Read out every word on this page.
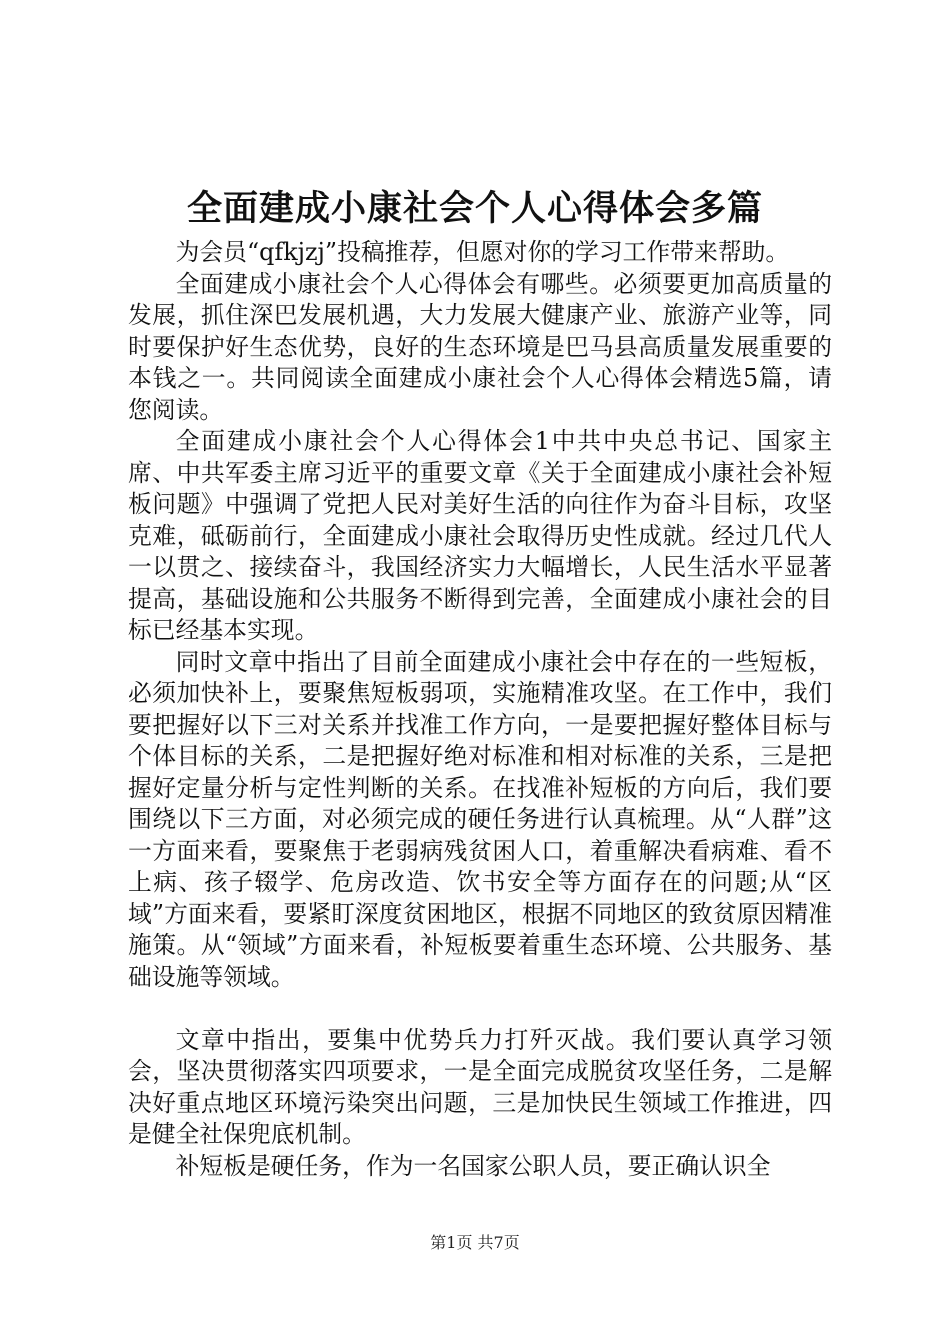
全面建成小康社会个人心得体会多篇

为会员“qfkjzj”投稿推荐，但愿对你的学习工作带来帮助。

全面建成小康社会个人心得体会有哪些。必须要更加高质量的发展，抓住深巴发展机遇，大力发展大健康产业、旅游产业等，同时要保护好生态优势，良好的生态环境是巴马县高质量发展重要的本钱之一。共同阅读全面建成小康社会个人心得体会精选5篇，请您阅读。

全面建成小康社会个人心得体会1中共中央总书记、国家主席、中共军委主席习近平的重要文章《关于全面建成小康社会补短板问题》中强调了党把人民对美好生活的向往作为奋斗目标，攻坚克难，砥砺前行，全面建成小康社会取得历史性成就。经过几代人一以贯之、接续奋斗，我国经济实力大幅增长，人民生活水平显著提高，基础设施和公共服务不断得到完善，全面建成小康社会的目标已经基本实现。

同时文章中指出了目前全面建成小康社会中存在的一些短板，必须加快补上，要聚焦短板弱项，实施精准攻坚。在工作中，我们要把握好以下三对关系并找准工作方向，一是要把握好整体目标与个体目标的关系，二是把握好绝对标准和相对标准的关系，三是把握好定量分析与定性判断的关系。在找准补短板的方向后，我们要围绕以下三方面，对必须完成的硬任务进行认真梳理。从“人群”这一方面来看，要聚焦于老弱病残贫困人口，着重解决看病难、看不上病、孩子辍学、危房改造、饮书安全等方面存在的问题;从“区域”方面来看，要紧盯深度贫困地区，根据不同地区的致贫原因精准施策。从“领域”方面来看，补短板要着重生态环境、公共服务、基础设施等领域。

文章中指出，要集中优势兵力打歼灭战。我们要认真学习领会，坚决贯彻落实四项要求，一是全面完成脱贫攻坚任务，二是解决好重点地区环境污染突出问题，三是加快民生领域工作推进，四是健全社保兜底机制。

补短板是硬任务，作为一名国家公职人员，要正确认识全

第1页 共7页
